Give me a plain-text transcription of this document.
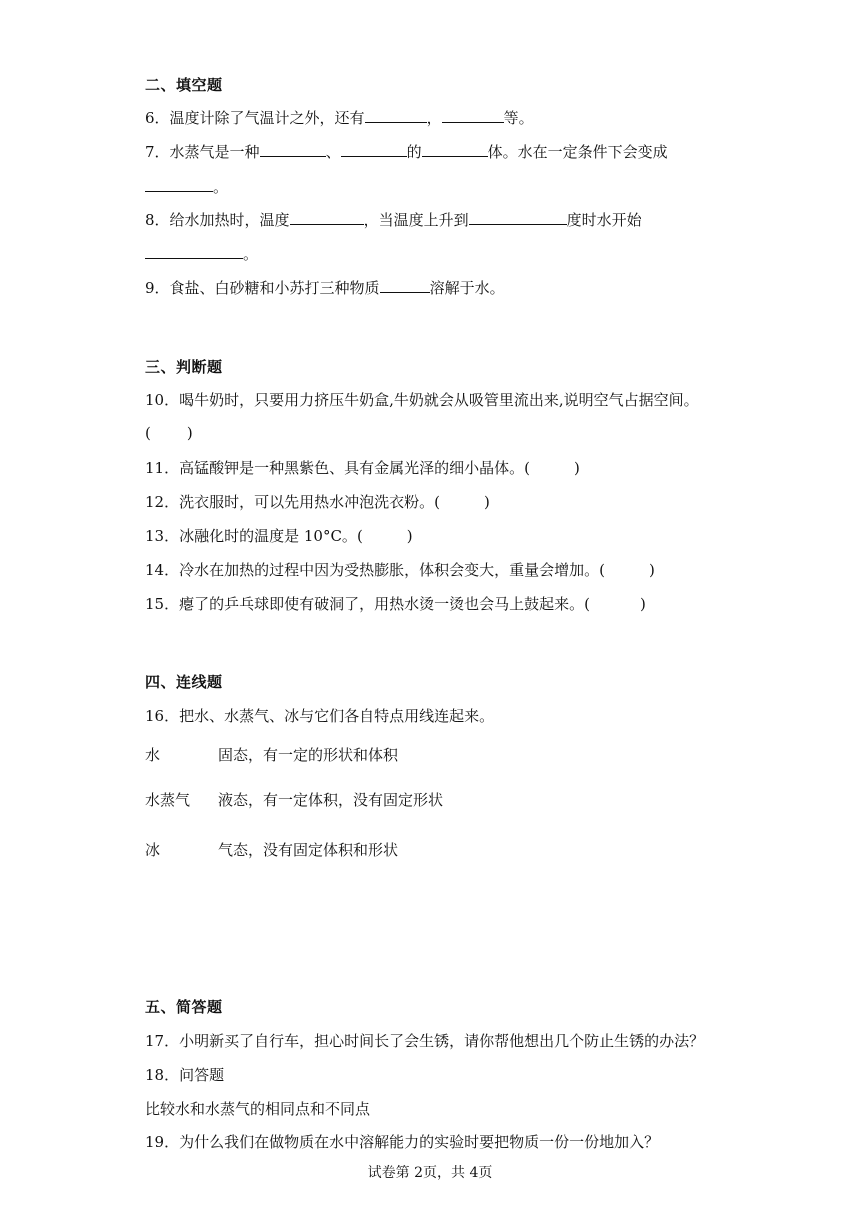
二、填空题
6．温度计除了气温计之外，还有	，	等。
7．水蒸气是一种	、	的	体。水在一定条件下会变成
。
8．给水加热时，温度	，当温度上升到	度时水开始
。
9．食盐、白砂糖和小苏打三种物质	溶解于水。
三、判断题
10．喝牛奶时，只要用力挤压牛奶盒,牛奶就会从吸管里流出来,说明空气占据空间。
( )
11．高锰酸钾是一种黑紫色、具有金属光泽的细小晶体。(	)
12．洗衣服时，可以先用热水冲泡洗衣粉。(	)
13．冰融化时的温度是 10°C。(	)
14．冷水在加热的过程中因为受热膨胀，体积会变大，重量会增加。(	)
15．瘪了的乒乓球即使有破洞了，用热水烫一烫也会马上鼓起来。(	)
四、连线题
16．把水、水蒸气、冰与它们各自特点用线连起来。
水	固态，有一定的形状和体积
水蒸气 液态，有一定体积，没有固定形状
冰	气态，没有固定体积和形状
五、简答题
17．小明新买了自行车，担心时间长了会生锈，请你帮他想出几个防止生锈的办法？
18．问答题
比较水和水蒸气的相同点和不同点
19．为什么我们在做物质在水中溶解能力的实验时要把物质一份一份地加入？
试卷第 2页，共 4页
